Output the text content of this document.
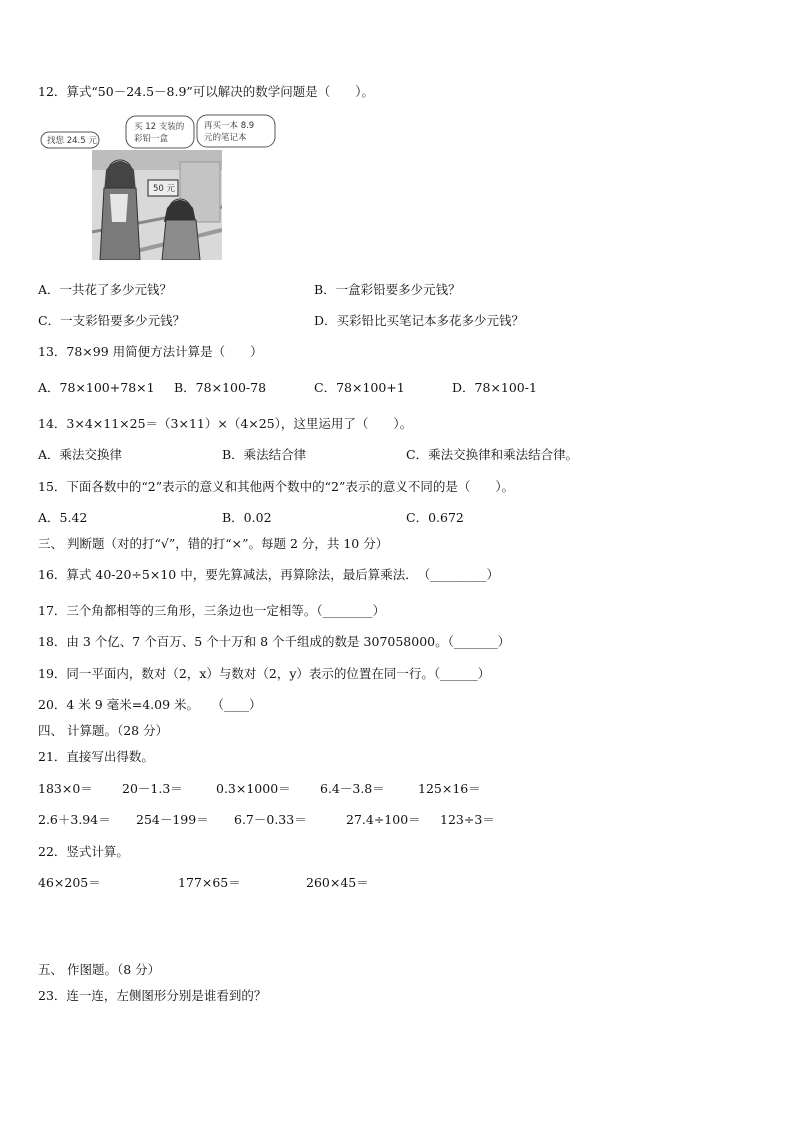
12．算式“50－24.5－8.9”可以解决的数学问题是（　　）。
50 元
找您 24.5 元
买 12 支装的
彩铅一盒
再买一本 8.9
元的笔记本
A．一共花了多少元钱？	B．一盒彩铅要多少元钱？
C．一支彩铅要多少元钱？	D．买彩铅比买笔记本多花多少元钱？
13．78×99 用简便方法计算是（　　）
A．78×100+78×1 B．78×100-78	C．78×100+1	D．78×100-1
14．3×4×11×25＝（3×11）×（4×25），这里运用了（　　）。
A．乘法交换律	B．乘法结合律	C．乘法交换律和乘法结合律。
15．下面各数中的“2”表示的意义和其他两个数中的“2”表示的意义不同的是（　　）。
A．5.42	B．0.02	C．0.672
三、 判断题（对的打“√”，错的打“×”。每题 2 分，共 10 分）
16．算式 40-20÷5×10 中，要先算减法，再算除法，最后算乘法．　（_________）
17．三个角都相等的三角形，三条边也一定相等。（________）
18．由 3 个亿、7 个百万、5 个十万和 8 个千组成的数是 307058000。（_______）
19．同一平面内，数对（2，x）与数对（2，y）表示的位置在同一行。（______）
20．4 米 9 毫米=4.09 米。　　（____）
四、 计算题。（28 分）
21．直接写出得数。
183×0＝ 20－1.3＝	0.3×1000＝ 6.4－3.8＝	125×16＝
2.6＋3.94＝ 254－199＝ 6.7－0.33＝	27.4÷100＝ 123÷3＝
22．竖式计算。
46×205＝	177×65＝	260×45＝
五、 作图题。（8 分）
23．连一连，左侧图形分别是谁看到的？
